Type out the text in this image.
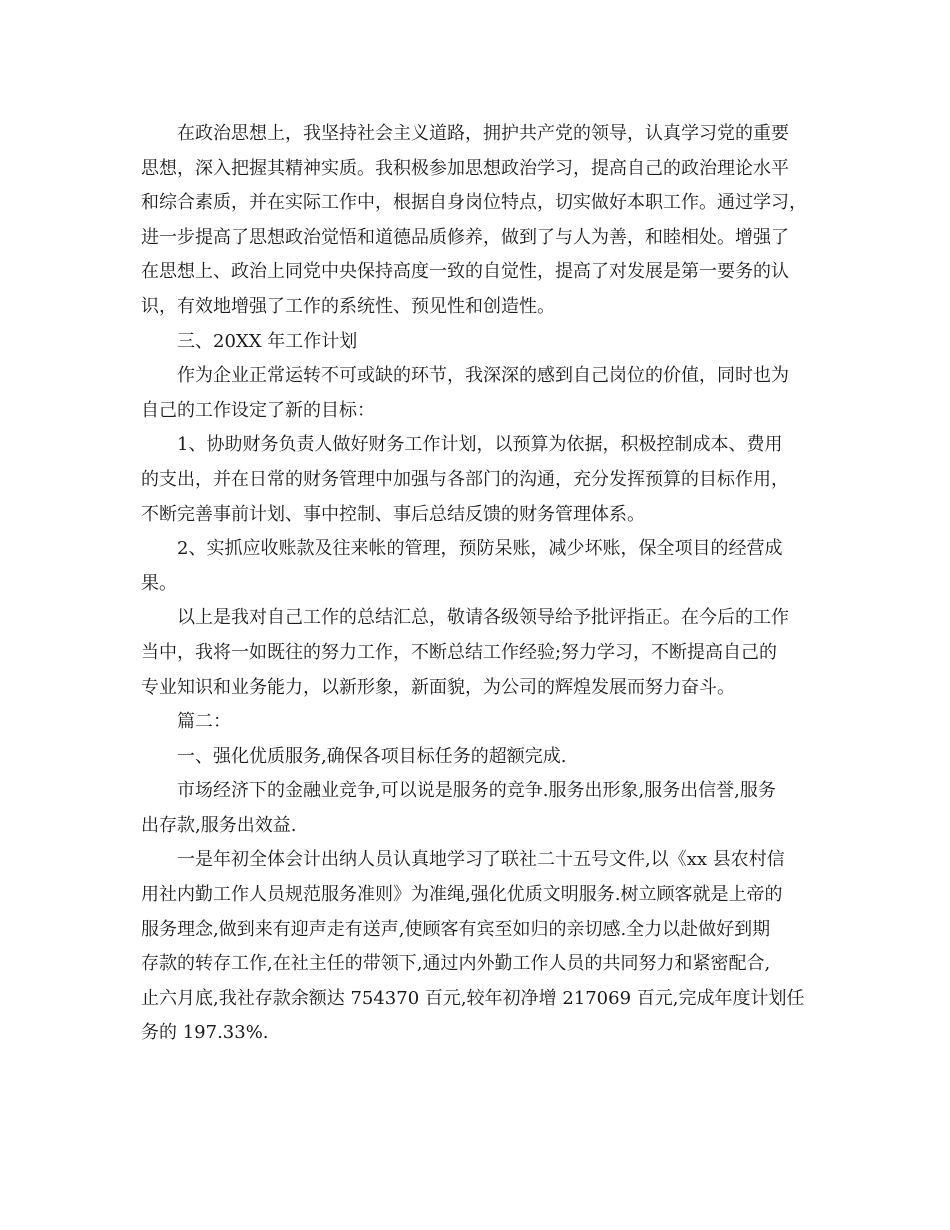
在政治思想上，我坚持社会主义道路，拥护共产党的领导，认真学习党的重要
思想，深入把握其精神实质。我积极参加思想政治学习，提高自己的政治理论水平
和综合素质，并在实际工作中，根据自身岗位特点，切实做好本职工作。通过学习，
进一步提高了思想政治觉悟和道德品质修养，做到了与人为善，和睦相处。增强了
在思想上、政治上同党中央保持高度一致的自觉性，提高了对发展是第一要务的认
识，有效地增强了工作的系统性、预见性和创造性。

三、20XX 年工作计划

作为企业正常运转不可或缺的环节，我深深的感到自己岗位的价值，同时也为
自己的工作设定了新的目标：

1、协助财务负责人做好财务工作计划，以预算为依据，积极控制成本、费用
的支出，并在日常的财务管理中加强与各部门的沟通，充分发挥预算的目标作用，
不断完善事前计划、事中控制、事后总结反馈的财务管理体系。

2、实抓应收账款及往来帐的管理，预防呆账，减少坏账，保全项目的经营成
果。

以上是我对自己工作的总结汇总，敬请各级领导给予批评指正。在今后的工作
当中，我将一如既往的努力工作，不断总结工作经验;努力学习，不断提高自己的
专业知识和业务能力，以新形象，新面貌，为公司的辉煌发展而努力奋斗。

篇二：

一、强化优质服务,确保各项目标任务的超额完成.

市场经济下的金融业竞争,可以说是服务的竞争.服务出形象,服务出信誉,服务
出存款,服务出效益.

一是年初全体会计出纳人员认真地学习了联社二十五号文件,以《xx 县农村信
用社内勤工作人员规范服务准则》为准绳,强化优质文明服务.树立顾客就是上帝的
服务理念,做到来有迎声走有送声,使顾客有宾至如归的亲切感.全力以赴做好到期
存款的转存工作,在社主任的带领下,通过内外勤工作人员的共同努力和紧密配合,
止六月底,我社存款余额达 754370 百元,较年初净增 217069 百元,完成年度计划任
务的 197.33%.
